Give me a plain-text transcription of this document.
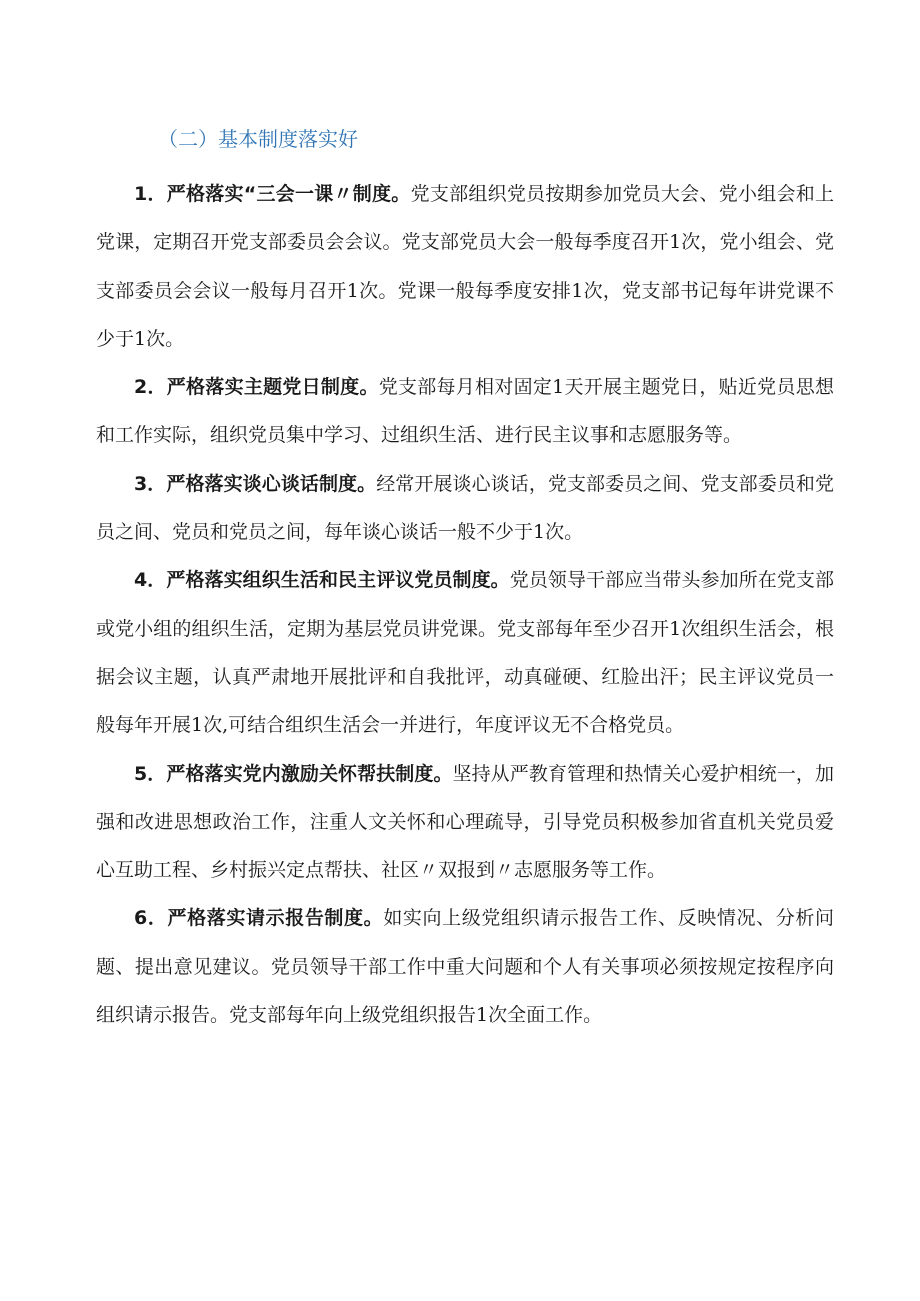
（二）基本制度落实好

1．严格落实“三会一课〃制度。党支部组织党员按期参加党员大会、党小组会和上党课，定期召开党支部委员会会议。党支部党员大会一般每季度召开1次，党小组会、党支部委员会会议一般每月召开1次。党课一般每季度安排1次，党支部书记每年讲党课不少于1次。

2．严格落实主题党日制度。党支部每月相对固定1天开展主题党日，贴近党员思想和工作实际，组织党员集中学习、过组织生活、进行民主议事和志愿服务等。

3．严格落实谈心谈话制度。经常开展谈心谈话，党支部委员之间、党支部委员和党员之间、党员和党员之间，每年谈心谈话一般不少于1次。

4．严格落实组织生活和民主评议党员制度。党员领导干部应当带头参加所在党支部或党小组的组织生活，定期为基层党员讲党课。党支部每年至少召开1次组织生活会，根据会议主题，认真严肃地开展批评和自我批评，动真碰硬、红脸出汗；民主评议党员一般每年开展1次,可结合组织生活会一并进行，年度评议无不合格党员。

5．严格落实党内激励关怀帮扶制度。坚持从严教育管理和热情关心爱护相统一，加强和改进思想政治工作，注重人文关怀和心理疏导，引导党员积极参加省直机关党员爱心互助工程、乡村振兴定点帮扶、社区〃双报到〃志愿服务等工作。

6．严格落实请示报告制度。如实向上级党组织请示报告工作、反映情况、分析问题、提出意见建议。党员领导干部工作中重大问题和个人有关事项必须按规定按程序向组织请示报告。党支部每年向上级党组织报告1次全面工作。
